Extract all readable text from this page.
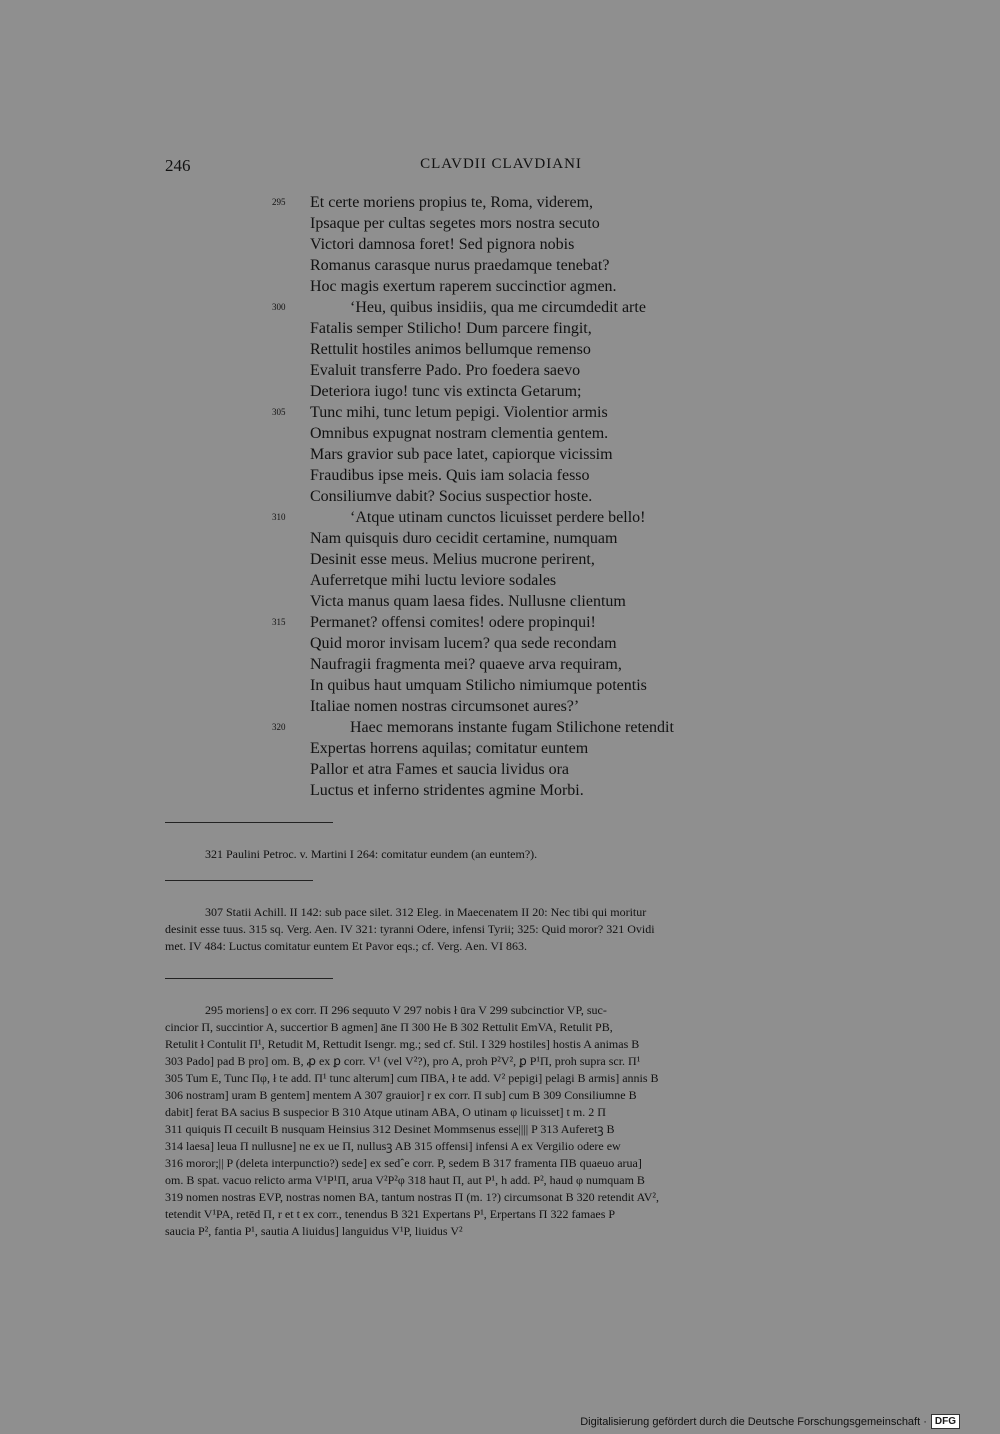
246	CLAVDII CLAVDIANI
295	Et certe moriens propius te, Roma, viderem,
Ipsaque per cultas segetes mors nostra secuto
Victori damnosa foret! Sed pignora nobis
Romanus carasque nurus praedamque tenebat?
Hoc magis exertum raperem succinctior agmen.
300	‘Heu, quibus insidiis, qua me circumdedit arte
Fatalis semper Stilicho! Dum parcere fingit,
Rettulit hostiles animos bellumque remenso
Evaluit transferre Pado. Pro foedera saevo
Deteriora iugo! tunc vis extincta Getarum;
305	Tunc mihi, tunc letum pepigi. Violentior armis
Omnibus expugnat nostram clementia gentem.
Mars gravior sub pace latet, capiorque vicissim
Fraudibus ipse meis. Quis iam solacia fesso
Consiliumve dabit? Socius suspectior hoste.
310	‘Atque utinam cunctos licuisset perdere bello!
Nam quisquis duro cecidit certamine, numquam
Desinit esse meus. Melius mucrone perirent,
Auferretque mihi luctu leviore sodales
Victa manus quam laesa fides. Nullusne clientum
315	Permanet? offensi comites! odere propinqui!
Quid moror invisam lucem? qua sede recondam
Naufragii fragmenta mei? quaeve arva requiram,
In quibus haut umquam Stilicho nimiumque potentis
Italiae nomen nostras circumsonet aures?’
320	Haec memorans instante fugam Stilichone retendit
Expertas horrens aquilas; comitatur euntem
Pallor et atra Fames et saucia lividus ora
Luctus et inferno stridentes agmine Morbi.
321 Paulini Petroc. v. Martini I 264: comitatur eundem (an euntem?).
307 Statii Achill. II 142: sub pace silet. 312 Eleg. in Maecenatem II 20: Nec tibi qui moritur
desinit esse tuus. 315 sq. Verg. Aen. IV 321: tyranni Odere, infensi Tyrii; 325: Quid moror? 321 Ovidi
met. IV 484: Luctus comitatur euntem Et Pavor eqs.; cf. Verg. Aen. VI 863.
295 moriens] o ex corr. Π 296 sequuto V 297 nobis ł ūra V 299 subcinctior VP, suc-
cincior Π, succintior A, succertior B agmen] āne Π 300 He B 302 Rettulit EmVA, Retulit PB,
Retulit ł Contulit Π¹, Retudit M, Rettudit Isengr. mg.; sed cf. Stil. I 329 hostiles] hostis A animas B
303 Pado] pad B pro] om. B, ꝓ ex ꝑ corr. V¹ (vel V²?), pro A, proh P²V², ꝑ P¹Π, proh supra scr. Π¹
305 Tum E, Tunc Πφ, ł te add. Π¹ tunc alterum] cum ΠBA, ł te add. V² pepigi] pelagi B armis] annis B
306 nostram] uram B gentem] mentem A 307 grauior] r ex corr. Π sub] cum B 309 Consiliumne B
dabit] ferat BA sacius B suspecior B 310 Atque utinam ABA, O utinam φ licuisset] t m. 2 Π
311 quiquis Π cecuilt B nusquam Heinsius 312 Desinet Mommsenus esse|||| P 313 Auferetꝫ B
314 laesa] leua Π nullusne] ne ex ue Π, nullusꝫ AB 315 offensi] infensi A ex Vergilio odere ew
316 moror;|| P (deleta interpunctio?) sede] ex sedˆe corr. P, sedem B 317 framenta ΠB quaeuo arua]
om. B spat. vacuo relicto arma V¹P¹Π, arua V²P²φ 318 haut Π, aut P¹, h add. P², haud φ numquam B
319 nomen nostras EVP, nostras nomen BA, tantum nostras Π (m. 1?) circumsonat B 320 retendit AV²,
tetendit V¹PA, retēd Π, r et t ex corr., tenendus B 321 Expertans P¹, Erpertans Π 322 famaes P
saucia P², fantia P¹, sautia A liuidus] languidus V¹P, liuidus V²
Digitalisierung gefördert durch die Deutsche Forschungsgemeinschaft · DFG
